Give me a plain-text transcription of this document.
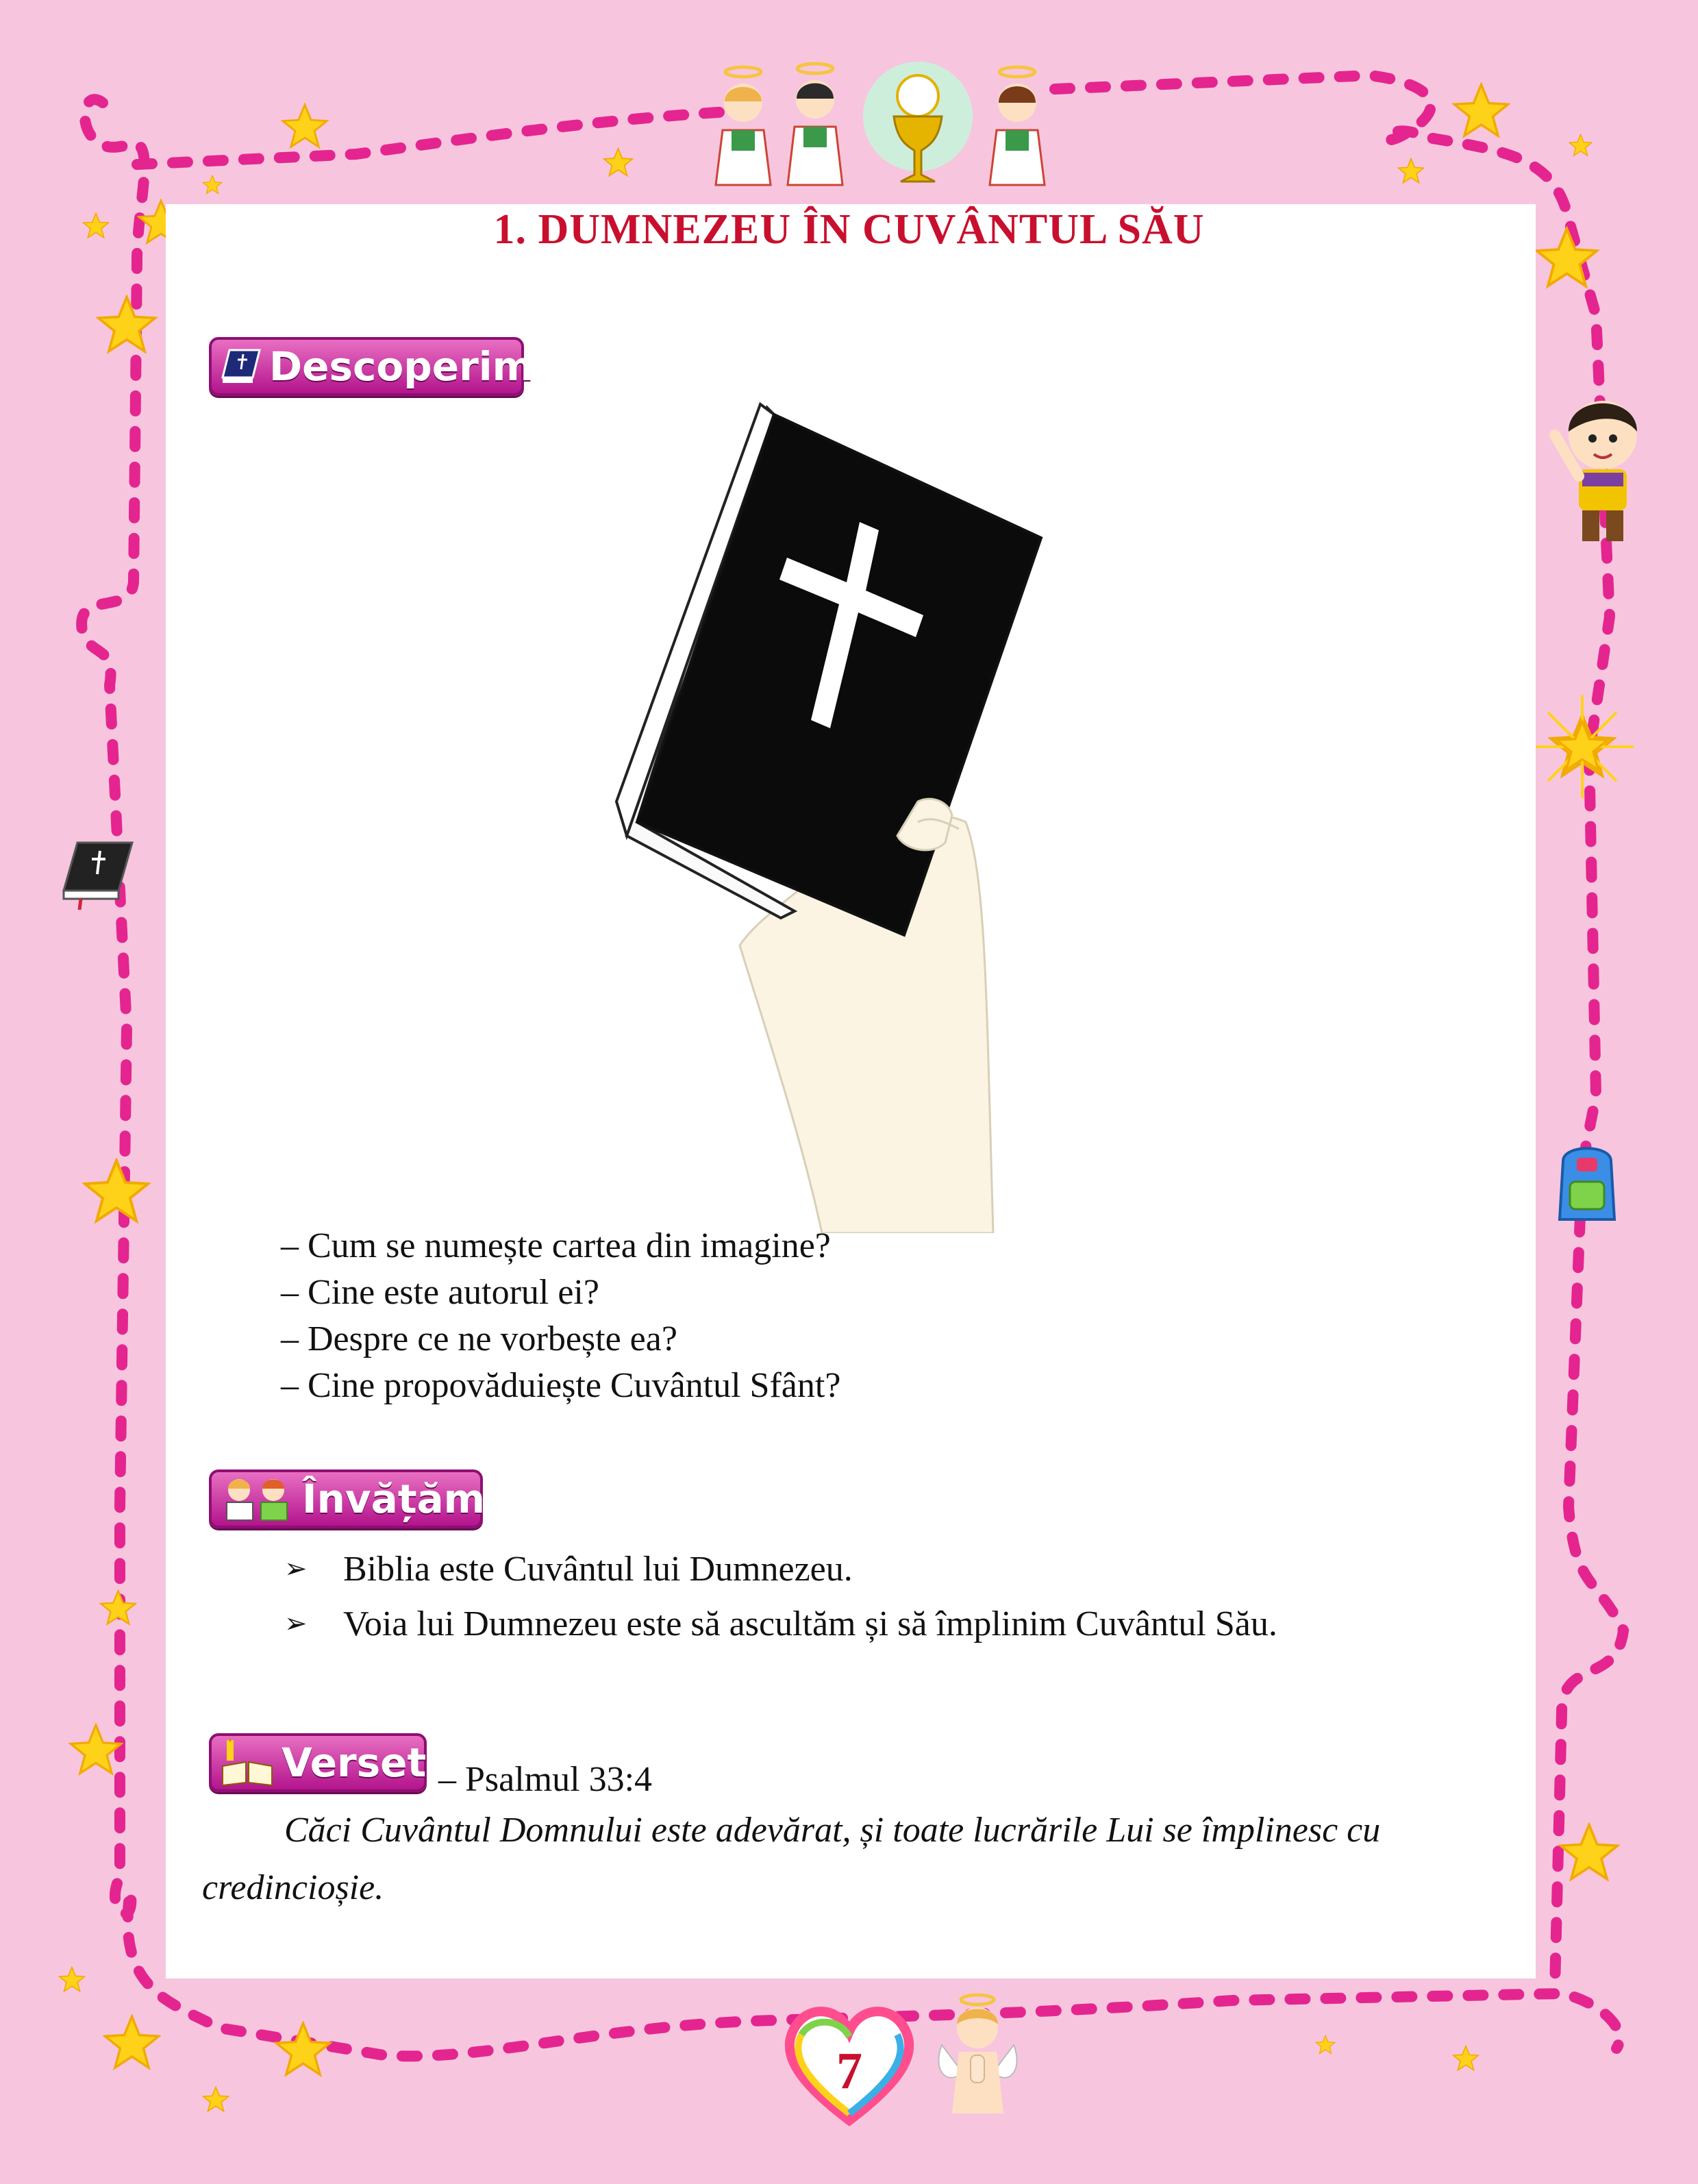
1. DUMNEZEU ÎN CUVÂNTUL SĂU
Descoperim
– Cum se numește cartea din imagine?
– Cine este autorul ei?
– Despre ce ne vorbește ea?
– Cine propovăduiește Cuvântul Sfânt?
Învățăm
➢	Biblia este Cuvântul lui Dumnezeu.
➢	Voia lui Dumnezeu este să ascultăm și să împlinim Cuvântul Său.
Verset – Psalmul 33:4
Căci Cuvântul Domnului este adevărat, și toate lucrările Lui se împlinesc cu credincioșie.
7
